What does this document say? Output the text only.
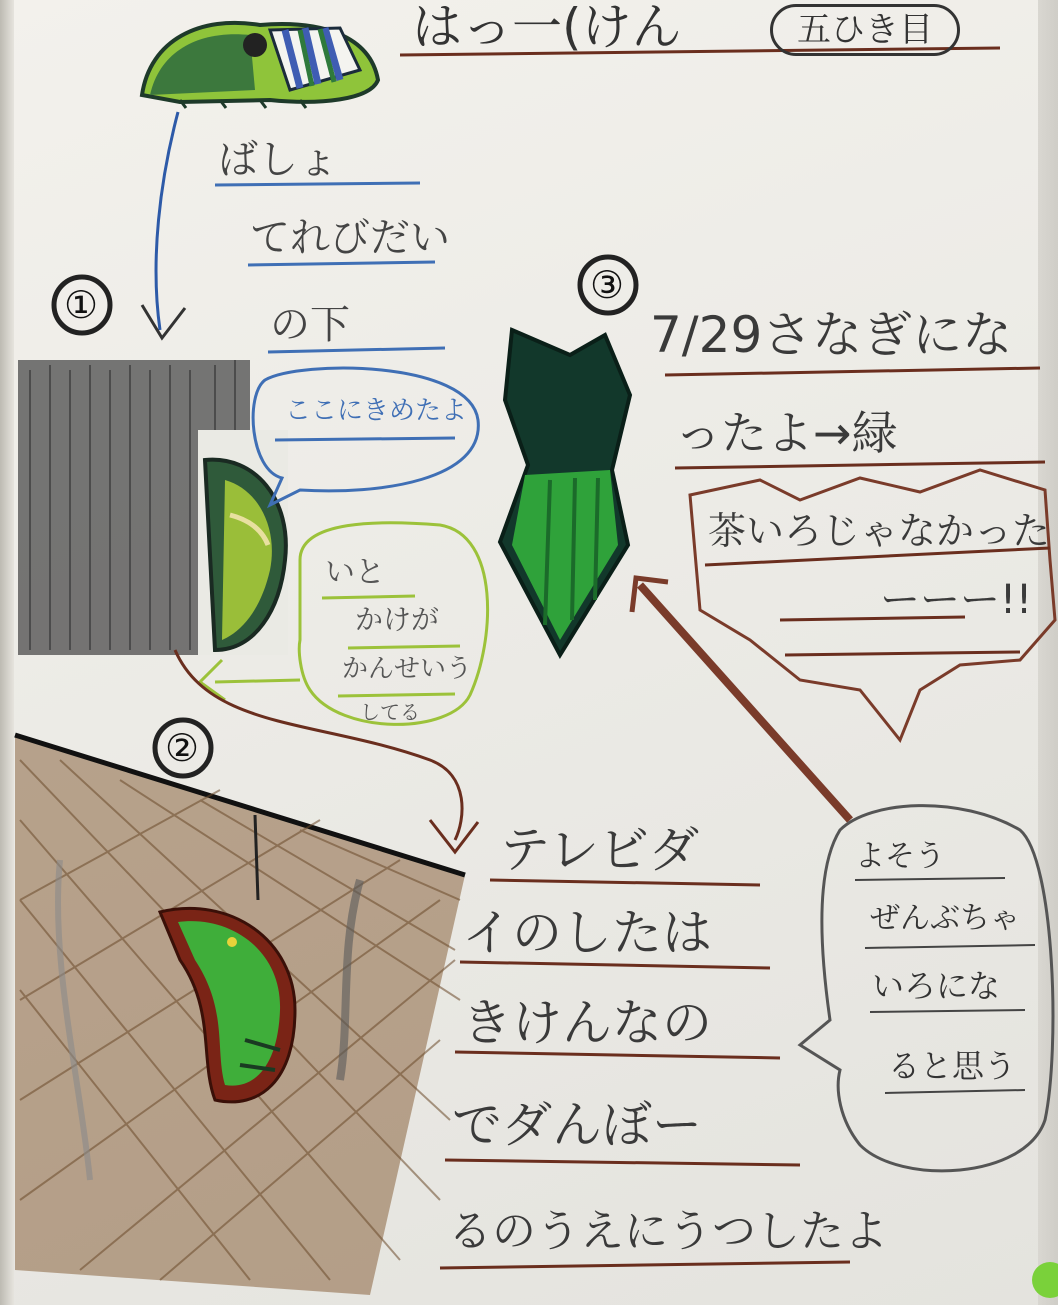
はっ一(けん	五ひき目
①
ばしょ
てれびだい
の下
ここにきめたよ
いと
かけが
かんせいう
してる
②
テレビダ
イのしたは
きけんなの
でダんぼー
るのうえにうつしたよ
よそう
ぜんぶちゃ
いろにな
ると思う
③
7/29さなぎにな
ったよ→緑
茶いろじゃなかった
ーーー!!
